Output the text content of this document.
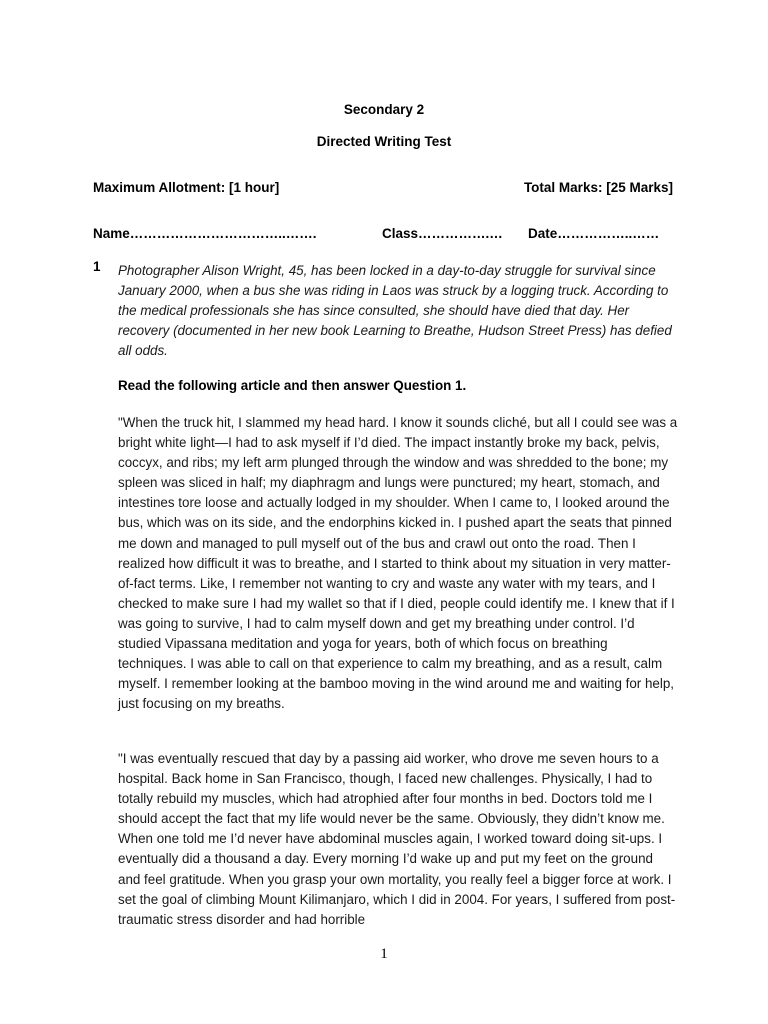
Secondary 2

Directed Writing Test

Maximum Allotment: [1 hour]	Total Marks: [25 Marks]

Name……………………………..…….	Class…………….… Date……………..……

1 Photographer Alison Wright, 45, has been locked in a day-to-day struggle for survival since January 2000, when a bus she was riding in Laos was struck by a logging truck. According to the medical professionals she has since consulted, she should have died that day. Her recovery (documented in her new book Learning to Breathe, Hudson Street Press) has defied all odds.

Read the following article and then answer Question 1.

"When the truck hit, I slammed my head hard. I know it sounds cliché, but all I could see was a bright white light—I had to ask myself if I’d died. The impact instantly broke my back, pelvis, coccyx, and ribs; my left arm plunged through the window and was shredded to the bone; my spleen was sliced in half; my diaphragm and lungs were punctured; my heart, stomach, and intestines tore loose and actually lodged in my shoulder. When I came to, I looked around the bus, which was on its side, and the endorphins kicked in. I pushed apart the seats that pinned me down and managed to pull myself out of the bus and crawl out onto the road. Then I realized how difficult it was to breathe, and I started to think about my situation in very matter-of-fact terms. Like, I remember not wanting to cry and waste any water with my tears, and I checked to make sure I had my wallet so that if I died, people could identify me. I knew that if I was going to survive, I had to calm myself down and get my breathing under control. I’d studied Vipassana meditation and yoga for years, both of which focus on breathing techniques. I was able to call on that experience to calm my breathing, and as a result, calm myself. I remember looking at the bamboo moving in the wind around me and waiting for help, just focusing on my breaths.

"I was eventually rescued that day by a passing aid worker, who drove me seven hours to a hospital. Back home in San Francisco, though, I faced new challenges. Physically, I had to totally rebuild my muscles, which had atrophied after four months in bed. Doctors told me I should accept the fact that my life would never be the same. Obviously, they didn’t know me. When one told me I’d never have abdominal muscles again, I worked toward doing sit-ups. I eventually did a thousand a day. Every morning I’d wake up and put my feet on the ground and feel gratitude. When you grasp your own mortality, you really feel a bigger force at work. I set the goal of climbing Mount Kilimanjaro, which I did in 2004. For years, I suffered from post-traumatic stress disorder and had horrible

1
